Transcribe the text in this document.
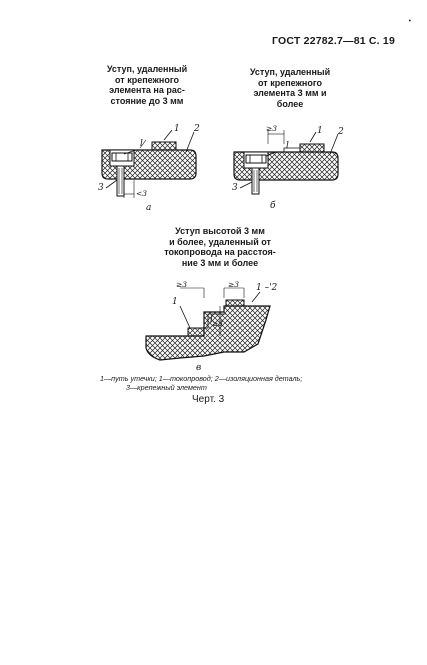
•
ГОСТ 22782.7—81 С. 19
Уступ, удаленный
от крепежного
элемента на рас-
стояние до 3 мм
Уступ, удаленный
от крепежного
элемента 3 мм и
более
1 2
l
3
<3
а
≥3
l
1 2
3
б
Уступ высотой 3 мм
и более, удаленный от
токопровода на расстоя-
ние 3 мм и более
≥3	≥3
≥3
l
1
1 –'2
в
1—путь утечки; 1—токопровод; 2—изоляционная деталь;
3—крепежный элемент
Черт. 3
